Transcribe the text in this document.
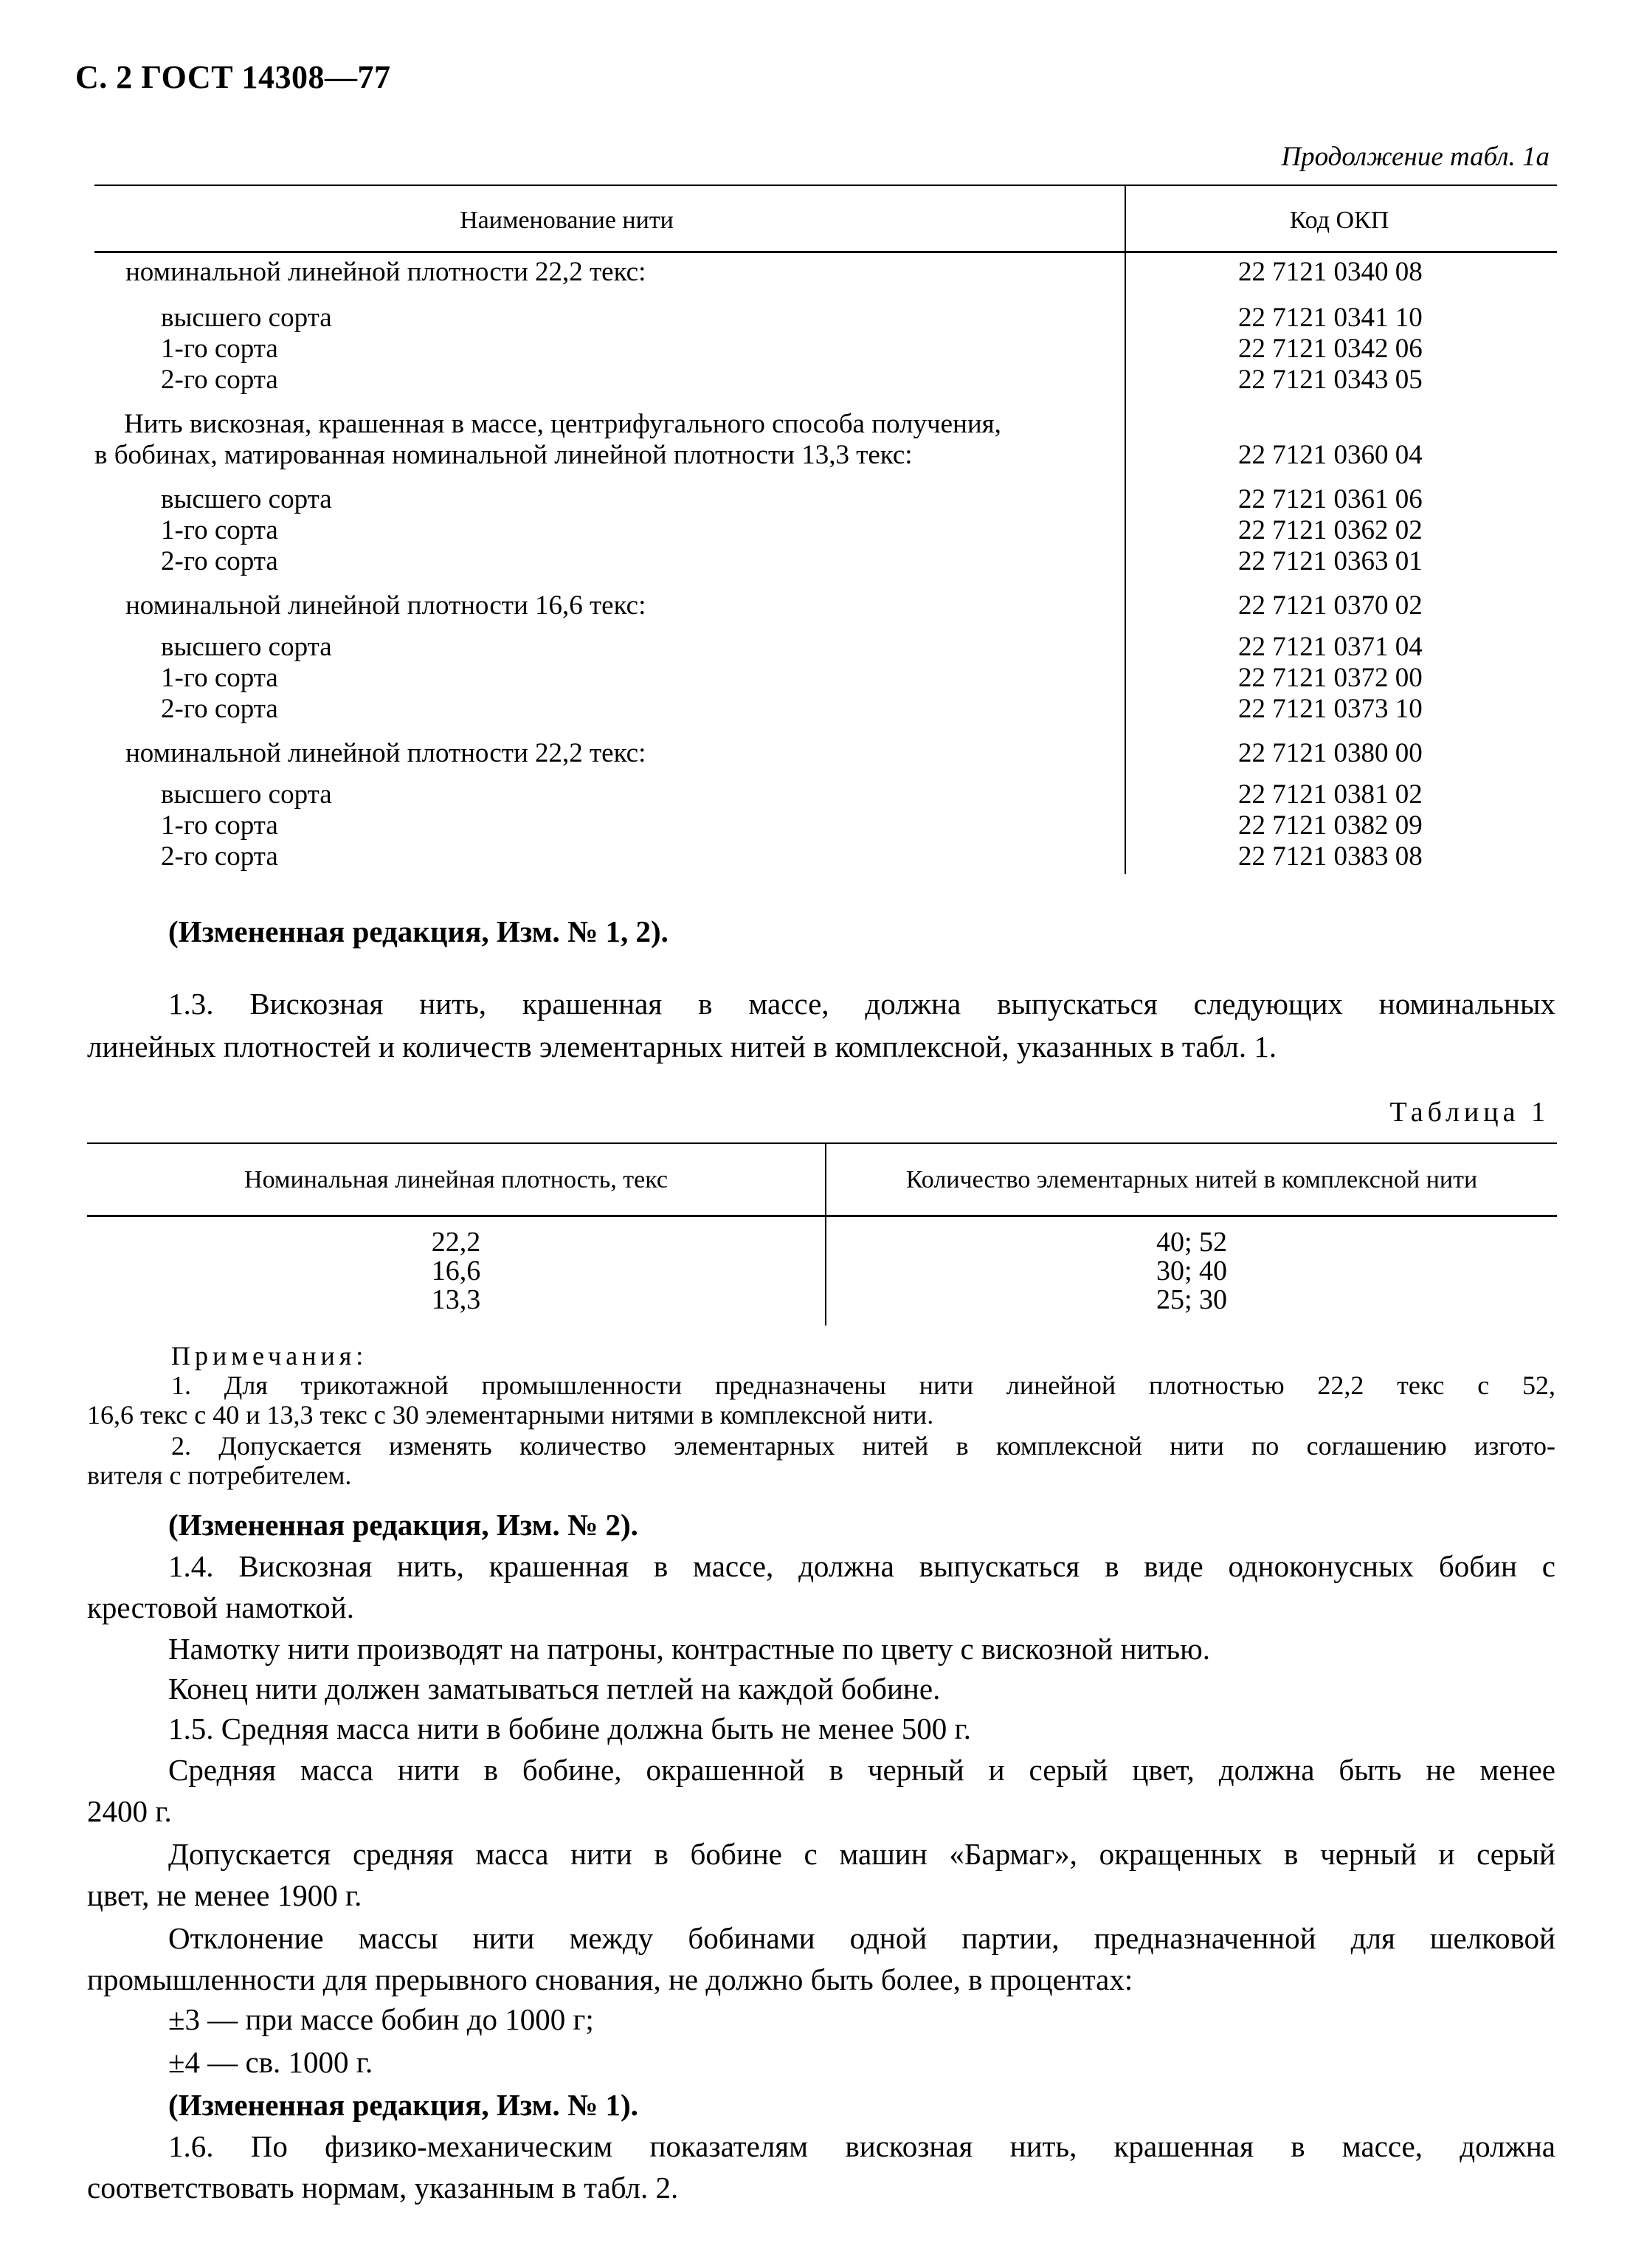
С. 2 ГОСТ 14308—77
Продолжение табл. 1а
Наименование нити	Код ОКП
номинальной линейной плотности 22,2 текс:	22 7121 0340 08
высшего сорта	22 7121 0341 10
1-го сорта	22 7121 0342 06
2-го сорта	22 7121 0343 05
Нить вискозная, крашенная в массе, центрифугального способа получения,
в бобинах, матированная номинальной линейной плотности 13,3 текс:	22 7121 0360 04
высшего сорта	22 7121 0361 06
1-го сорта	22 7121 0362 02
2-го сорта	22 7121 0363 01
номинальной линейной плотности 16,6 текс:	22 7121 0370 02
высшего сорта	22 7121 0371 04
1-го сорта	22 7121 0372 00
2-го сорта	22 7121 0373 10
номинальной линейной плотности 22,2 текс:	22 7121 0380 00
высшего сорта	22 7121 0381 02
1-го сорта	22 7121 0382 09
2-го сорта	22 7121 0383 08
(Измененная редакция, Изм. № 1, 2).
1.3. Вискозная нить, крашенная в массе, должна выпускаться следующих номинальных
линейных плотностей и количеств элементарных нитей в комплексной, указанных в табл. 1.
Таблица 1
Номинальная линейная плотность, текс	Количество элементарных нитей в комплексной нити
22,2	40; 52
16,6	30; 40
13,3	25; 30
Примечания:
1. Для трикотажной промышленности предназначены нити линейной плотностью 22,2 текс с 52,
16,6 текс с 40 и 13,3 текс с 30 элементарными нитями в комплексной нити.
2. Допускается изменять количество элементарных нитей в комплексной нити по соглашению изгото-
вителя с потребителем.
(Измененная редакция, Изм. № 2).
1.4. Вискозная нить, крашенная в массе, должна выпускаться в виде одноконусных бобин с
крестовой намоткой.
Намотку нити производят на патроны, контрастные по цвету с вискозной нитью.
Конец нити должен заматываться петлей на каждой бобине.
1.5. Средняя масса нити в бобине должна быть не менее 500 г.
Средняя масса нити в бобине, окрашенной в черный и серый цвет, должна быть не менее
2400 г.
Допускается средняя масса нити в бобине с машин «Бармаг», окращенных в черный и серый
цвет, не менее 1900 г.
Отклонение массы нити между бобинами одной партии, предназначенной для шелковой
промышленности для прерывного снования, не должно быть более, в процентах:
±3 — при массе бобин до 1000 г;
±4 — св. 1000 г.
(Измененная редакция, Изм. № 1).
1.6. По физико-механическим показателям вискозная нить, крашенная в массе, должна
соответствовать нормам, указанным в табл. 2.
